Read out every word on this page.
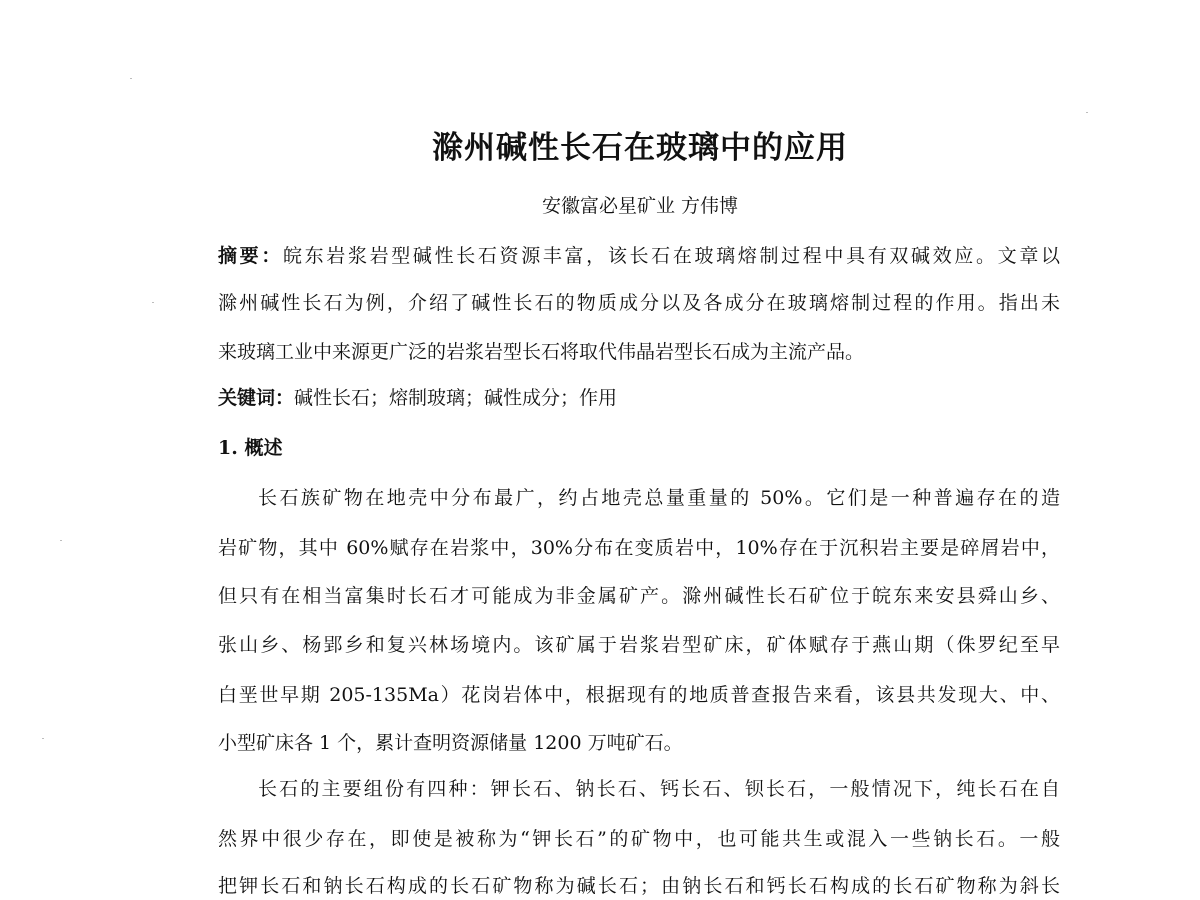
滁州碱性长石在玻璃中的应用
安徽富必星矿业 方伟博
摘要：皖东岩浆岩型碱性长石资源丰富，该长石在玻璃熔制过程中具有双碱效应。文章以
滁州碱性长石为例，介绍了碱性长石的物质成分以及各成分在玻璃熔制过程的作用。指出未
来玻璃工业中来源更广泛的岩浆岩型长石将取代伟晶岩型长石成为主流产品。
关键词：碱性长石；熔制玻璃；碱性成分；作用
1. 概述
长石族矿物在地壳中分布最广，约占地壳总量重量的 50%。它们是一种普遍存在的造
岩矿物，其中 60%赋存在岩浆中，30%分布在变质岩中，10%存在于沉积岩主要是碎屑岩中，
但只有在相当富集时长石才可能成为非金属矿产。滁州碱性长石矿位于皖东来安县舜山乡、
张山乡、杨郢乡和复兴林场境内。该矿属于岩浆岩型矿床，矿体赋存于燕山期（侏罗纪至早
白垩世早期 205-135Ma）花岗岩体中，根据现有的地质普查报告来看，该县共发现大、中、
小型矿床各 1 个，累计查明资源储量 1200 万吨矿石。
长石的主要组份有四种：钾长石、钠长石、钙长石、钡长石，一般情况下，纯长石在自
然界中很少存在，即使是被称为“钾长石”的矿物中，也可能共生或混入一些钠长石。一般
把钾长石和钠长石构成的长石矿物称为碱长石；由钠长石和钙长石构成的长石矿物称为斜长
